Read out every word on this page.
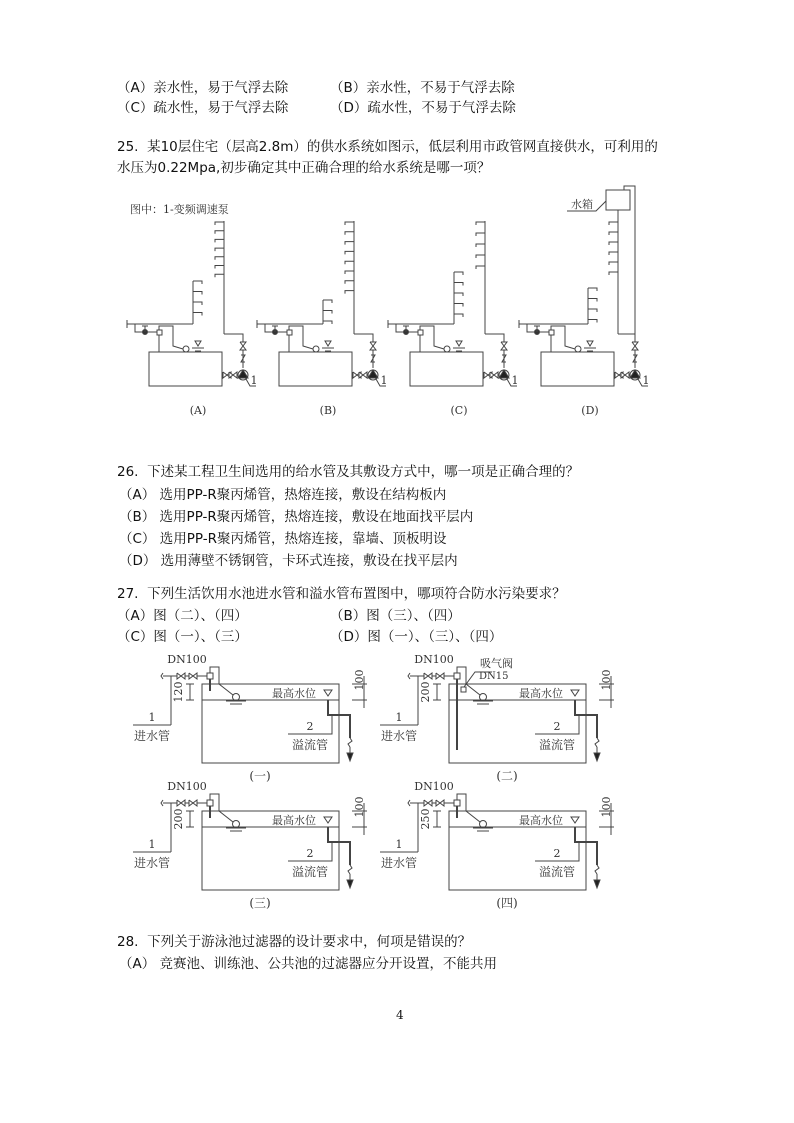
（A）亲水性，易于气浮去除	（B）亲水性，不易于气浮去除
（C）疏水性，易于气浮去除	（D）疏水性，不易于气浮去除
25. 某10层住宅（层高2.8m）的供水系统如图示，低层利用市政管网直接供水，可利用的
水压为0.22Mpa,初步确定其中正确合理的给水系统是哪一项？
26. 下述某工程卫生间选用的给水管及其敷设方式中，哪一项是正确合理的？
（A） 选用PP-R聚丙烯管，热熔连接，敷设在结构板内
（B） 选用PP-R聚丙烯管，热熔连接，敷设在地面找平层内
（C） 选用PP-R聚丙烯管，热熔连接，靠墙、顶板明设
（D） 选用薄壁不锈钢管，卡环式连接，敷设在找平层内
27. 下列生活饮用水池进水管和溢水管布置图中，哪项符合防水污染要求？
（A）图（二）、（四）	（B）图（三）、（四）
（C）图（一）、（三）	（D）图（一）、（三）、（四）
28. 下列关于游泳池过滤器的设计要求中，何项是错误的？
（A） 竞赛池、训练池、公共池的过滤器应分开设置，不能共用
4
图中：1-变频调速泵
1
(A)
1
(B)
1
(C)
水箱
1
(D)
DN100
1
进水管
120	最高水位
2
溢流管
100
(一)
DN100 吸气阀
DN15
1
进水管
200	最高水位
2
溢流管
100
(二)
DN100
1
进水管
200	最高水位
2
溢流管
100
(三)
DN100
1
进水管
250	最高水位
2
溢流管
100
(四)
